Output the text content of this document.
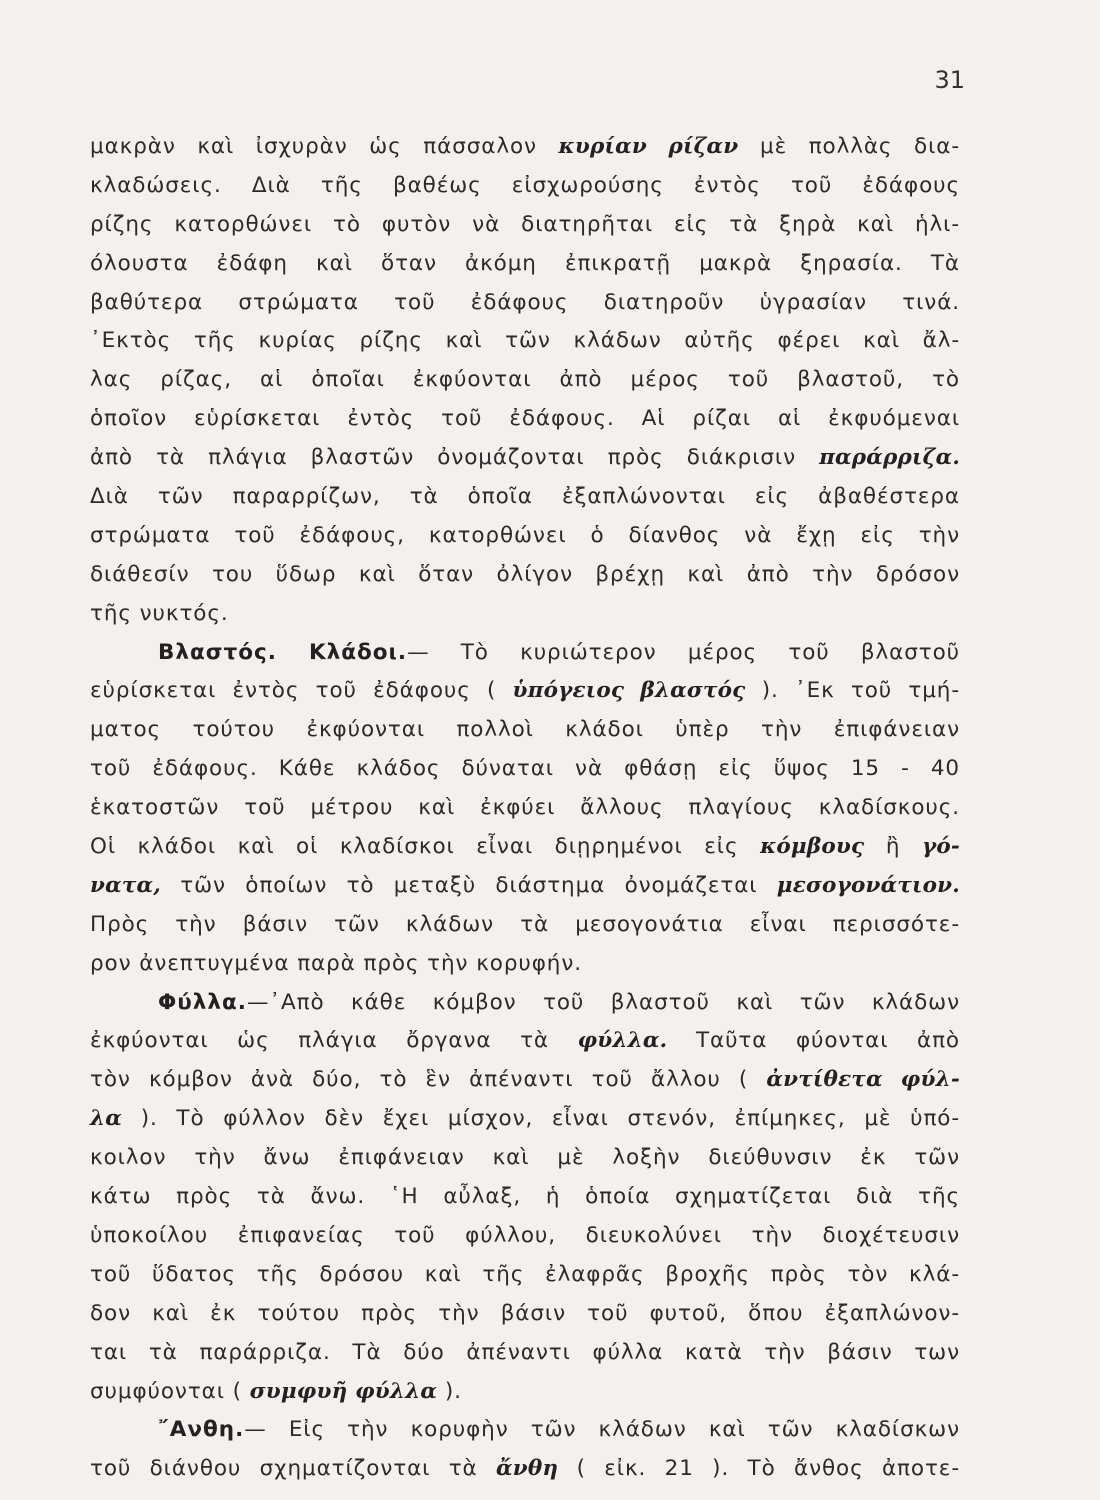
31
μακρὰν καὶ ἰσχυρὰν ὡς πάσσαλον κυρίαν ρίζαν μὲ πολλὰς δια-
κλαδώσεις. Διὰ τῆς βαθέως εἰσχωρούσης ἐντὸς τοῦ ἐδάφους
ρίζης κατορθώνει τὸ φυτὸν νὰ διατηρῆται εἰς τὰ ξηρὰ καὶ ἡλι-
όλουστα ἐδάφη καὶ ὅταν ἀκόμη ἐπικρατῇ μακρὰ ξηρασία. Τὰ
βαθύτερα στρώματα τοῦ ἐδάφους διατηροῦν ὑγρασίαν τινά.
᾿Εκτὸς τῆς κυρίας ρίζης καὶ τῶν κλάδων αὐτῆς φέρει καὶ ἄλ-
λας ρίζας, αἱ ὁποῖαι ἐκφύονται ἀπὸ μέρος τοῦ βλαστοῦ, τὸ
ὁποῖον εὑρίσκεται ἐντὸς τοῦ ἐδάφους. Αἱ ρίζαι αἱ ἐκφυόμεναι
ἀπὸ τὰ πλάγια βλαστῶν ὀνομάζονται πρὸς διάκρισιν παράρριζα.
Διὰ τῶν παραρρίζων, τὰ ὁποῖα ἐξαπλώνονται εἰς ἀβαθέστερα
στρώματα τοῦ ἐδάφους, κατορθώνει ὁ δίανθος νὰ ἔχῃ εἰς τὴν
διάθεσίν του ὕδωρ καὶ ὅταν ὀλίγον βρέχῃ καὶ ἀπὸ τὴν δρόσον
τῆς νυκτός.
Βλαστός. Κλάδοι.— Τὸ κυριώτερον μέρος τοῦ βλαστοῦ
εὑρίσκεται ἐντὸς τοῦ ἐδάφους ( ὑπόγειος βλαστός ). ᾿Εκ τοῦ τμή-
ματος τούτου ἐκφύονται πολλοὶ κλάδοι ὑπὲρ τὴν ἐπιφάνειαν
τοῦ ἐδάφους. Κάθε κλάδος δύναται νὰ φθάσῃ εἰς ὕψος 15 - 40
ἑκατοστῶν τοῦ μέτρου καὶ ἐκφύει ἄλλους πλαγίους κλαδίσκους.
Οἱ κλάδοι καὶ οἱ κλαδίσκοι εἶναι διῃρημένοι εἰς κόμβους ἢ γό-
νατα, τῶν ὁποίων τὸ μεταξὺ διάστημα ὀνομάζεται μεσογονάτιον.
Πρὸς τὴν βάσιν τῶν κλάδων τὰ μεσογονάτια εἶναι περισσότε-
ρον ἀνεπτυγμένα παρὰ πρὸς τὴν κορυφήν.
Φύλλα.—᾿Απὸ κάθε κόμβον τοῦ βλαστοῦ καὶ τῶν κλάδων
ἐκφύονται ὡς πλάγια ὄργανα τὰ φύλλα. Ταῦτα φύονται ἀπὸ
τὸν κόμβον ἀνὰ δύο, τὸ ἓν ἀπέναντι τοῦ ἄλλου ( ἀντίθετα φύλ-
λα ). Τὸ φύλλον δὲν ἔχει μίσχον, εἶναι στενόν, ἐπίμηκες, μὲ ὑπό-
κοιλον τὴν ἄνω ἐπιφάνειαν καὶ μὲ λοξὴν διεύθυνσιν ἐκ τῶν
κάτω πρὸς τὰ ἄνω. ῾Η αὖλαξ, ἡ ὁποία σχηματίζεται διὰ τῆς
ὑποκοίλου ἐπιφανείας τοῦ φύλλου, διευκολύνει τὴν διοχέτευσιν
τοῦ ὕδατος τῆς δρόσου καὶ τῆς ἐλαφρᾶς βροχῆς πρὸς τὸν κλά-
δον καὶ ἐκ τούτου πρὸς τὴν βάσιν τοῦ φυτοῦ, ὅπου ἐξαπλώνον-
ται τὰ παράρριζα. Τὰ δύο ἀπέναντι φύλλα κατὰ τὴν βάσιν των
συμφύονται ( συμφυῆ φύλλα ).
῎Ανθη.— Εἰς τὴν κορυφὴν τῶν κλάδων καὶ τῶν κλαδίσκων
τοῦ διάνθου σχηματίζονται τὰ ἄνθη ( εἰκ. 21 ). Τὸ ἄνθος ἀποτε-
